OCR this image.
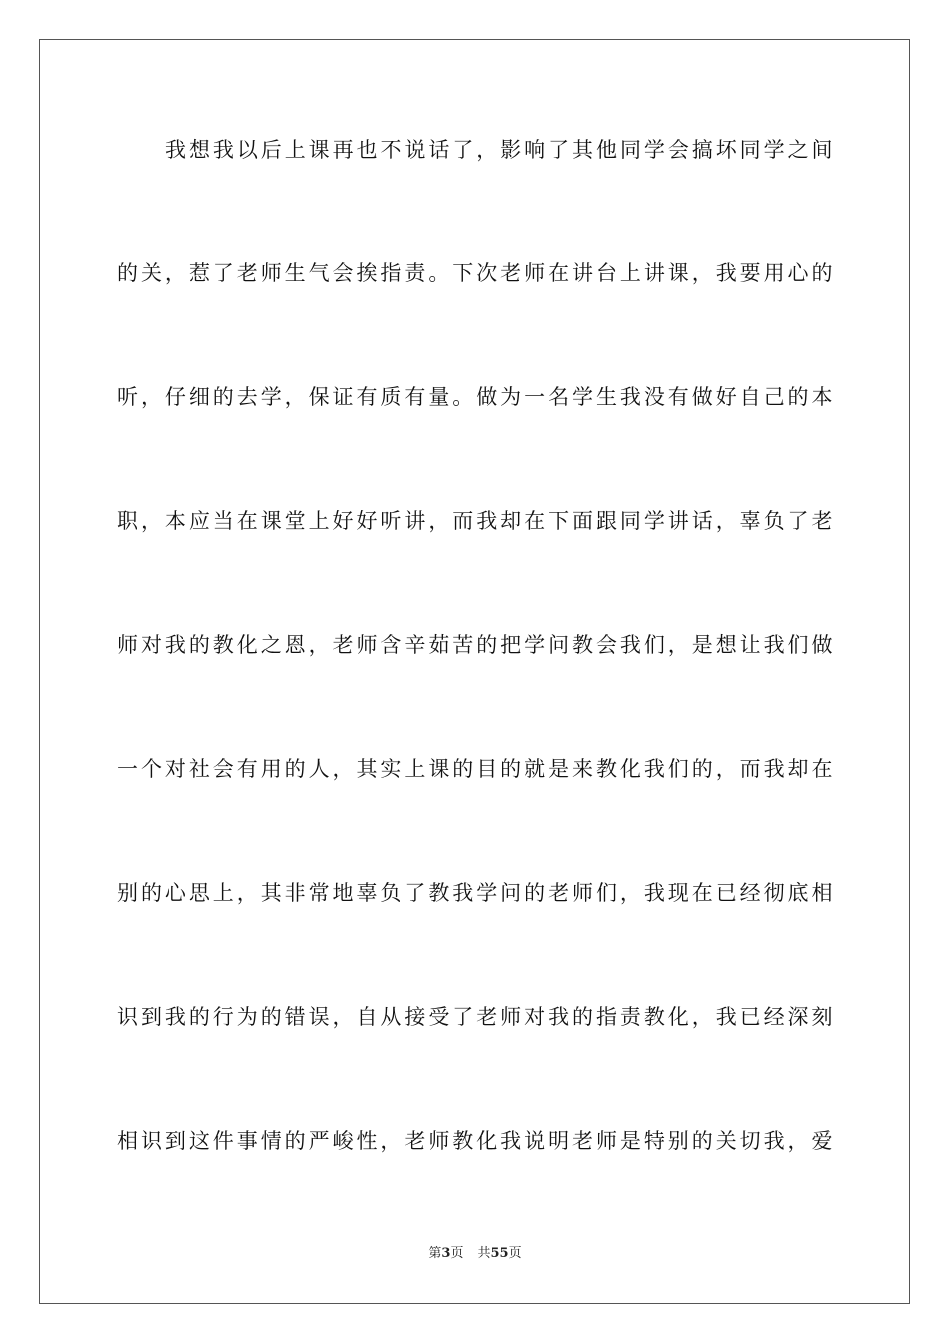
我想我以后上课再也不说话了，影响了其他同学会搞坏同学之间
的关，惹了老师生气会挨指责。下次老师在讲台上讲课，我要用心的
听，仔细的去学，保证有质有量。做为一名学生我没有做好自己的本
职，本应当在课堂上好好听讲，而我却在下面跟同学讲话，辜负了老
师对我的教化之恩，老师含辛茹苦的把学问教会我们，是想让我们做
一个对社会有用的人，其实上课的目的就是来教化我们的，而我却在
别的心思上，其非常地辜负了教我学问的老师们，我现在已经彻底相
识到我的行为的错误，自从接受了老师对我的指责教化，我已经深刻
相识到这件事情的严峻性，老师教化我说明老师是特别的关切我，爱
第3页 共55页
